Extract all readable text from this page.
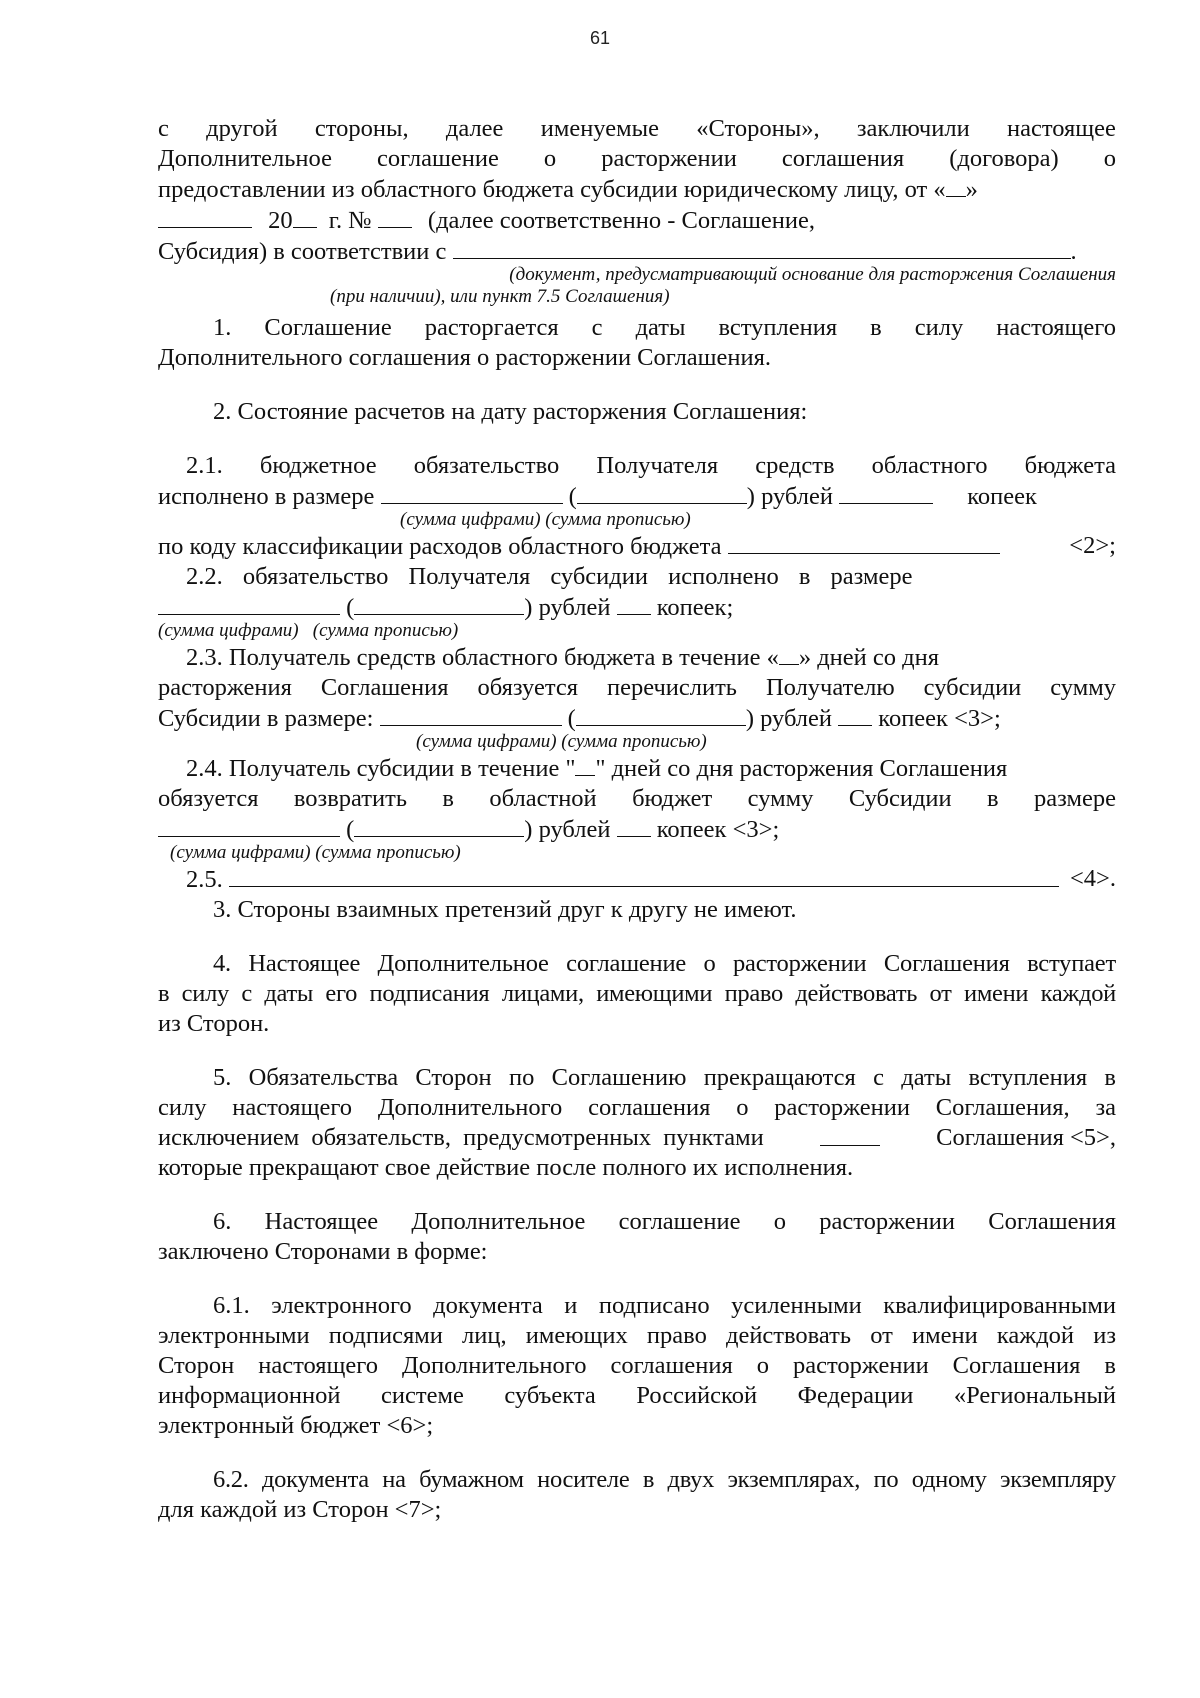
61
с другой стороны, далее именуемые «Стороны», заключили настоящее
Дополнительное соглашение о расторжении соглашения (договора) о
предоставлении из областного бюджета субсидии юридическому лицу, от « »
20 г. № (далее соответственно - Соглашение,
Субсидия) в соответствии с	.
(документ, предусматривающий основание для расторжения Соглашения
(при наличии), или пункт 7.5 Соглашения)
1. Соглашение расторгается с даты вступления в силу настоящего
Дополнительного соглашения о расторжении Соглашения.
2. Состояние расчетов на дату расторжения Соглашения:
2.1. бюджетное обязательство Получателя средств областного бюджета
исполнено в размере	(	) рублей	копеек
(сумма цифрами) (сумма прописью)
по коду классификации расходов областного бюджета	<2>;
2.2. обязательство Получателя субсидии исполнено в размере
(	) рублей копеек;
(сумма цифрами)   (сумма прописью)
2.3. Получатель средств областного бюджета в течение « » дней со дня
расторжения Соглашения обязуется перечислить Получателю субсидии сумму
Субсидии в размере:	(	) рублей копеек <3>;
(сумма цифрами) (сумма прописью)
2.4. Получатель субсидии в течение " " дней со дня расторжения Соглашения
обязуется возвратить в областной бюджет сумму Субсидии в размере
(	) рублей копеек <3>;
(сумма цифрами) (сумма прописью)
2.5.	<4>.
3. Стороны взаимных претензий друг к другу не имеют.
4. Настоящее Дополнительное соглашение о расторжении Соглашения вступает
в силу с даты его подписания лицами, имеющими право действовать от имени каждой
из Сторон.
5. Обязательства Сторон по Соглашению прекращаются с даты вступления в
силу настоящего Дополнительного соглашения о расторжении Соглашения, за
исключением обязательств, предусмотренных пунктами	Соглашения <5>,
которые прекращают свое действие после полного их исполнения.
6. Настоящее Дополнительное соглашение о расторжении Соглашения
заключено Сторонами в форме:
6.1. электронного документа и подписано усиленными квалифицированными
электронными подписями лиц, имеющих право действовать от имени каждой из
Сторон настоящего Дополнительного соглашения о расторжении Соглашения в
информационной системе субъекта Российской Федерации «Региональный
электронный бюджет <6>;
6.2. документа на бумажном носителе в двух экземплярах, по одному экземпляру
для каждой из Сторон <7>;
